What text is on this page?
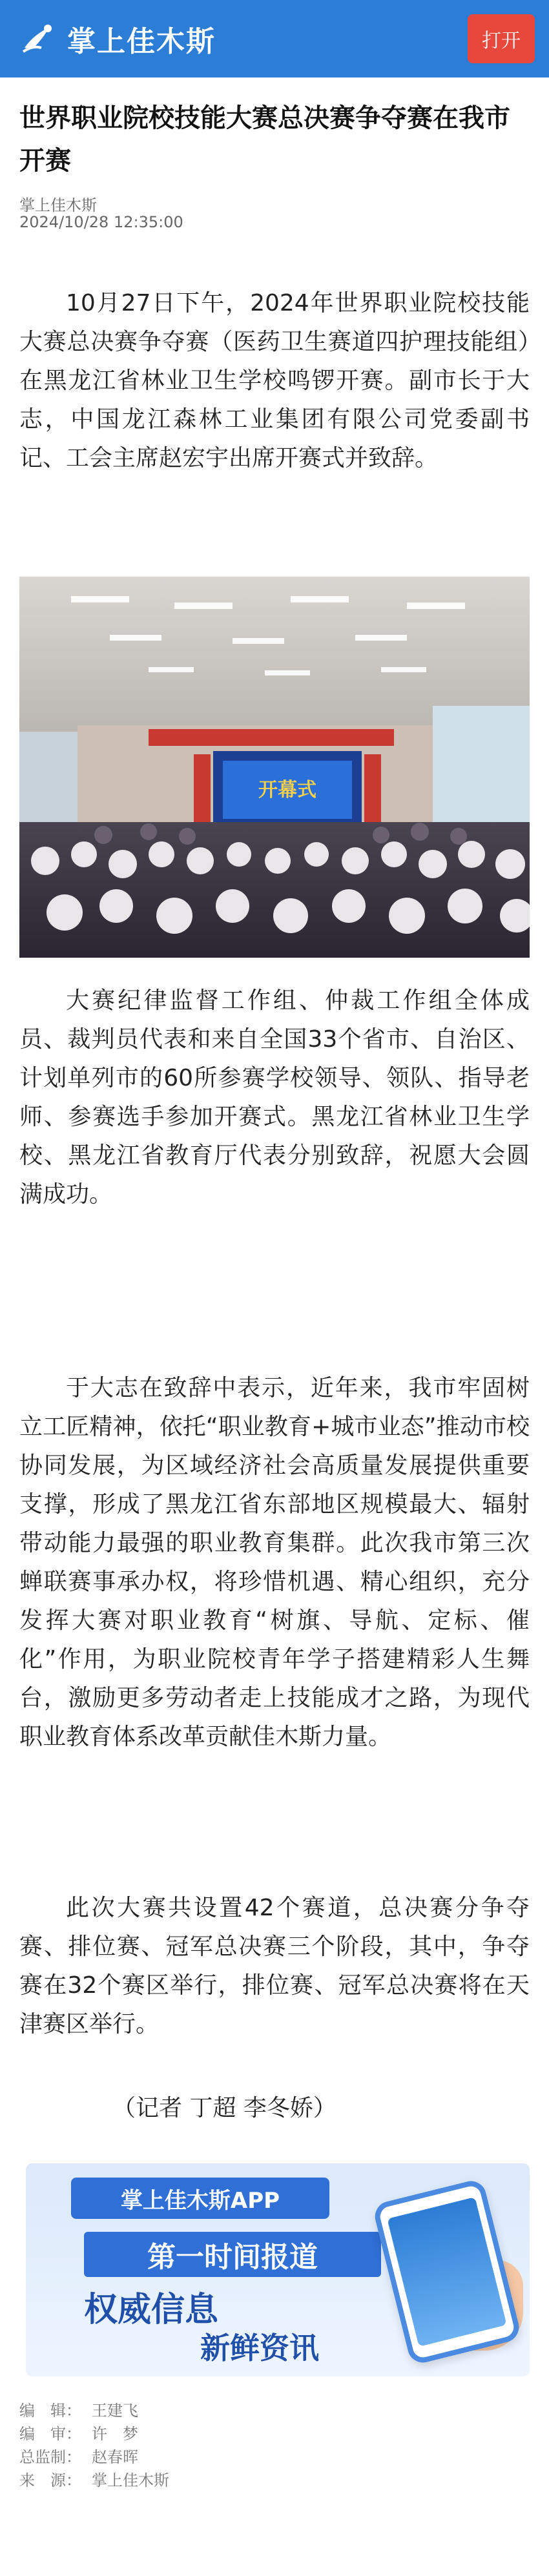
掌上佳木斯	打开
世界职业院校技能大赛总决赛争夺赛在我市开赛
掌上佳木斯
2024/10/28 12:35:00

10月27日下午，2024年世界职业院校技能大赛总决赛争夺赛（医药卫生赛道四护理技能组）在黑龙江省林业卫生学校鸣锣开赛。副市长于大志，中国龙江森林工业集团有限公司党委副书记、工会主席赵宏宇出席开赛式并致辞。

开幕式

大赛纪律监督工作组、仲裁工作组全体成员、裁判员代表和来自全国33个省市、自治区、计划单列市的60所参赛学校领导、领队、指导老师、参赛选手参加开赛式。黑龙江省林业卫生学校、黑龙江省教育厅代表分别致辞，祝愿大会圆满成功。

于大志在致辞中表示，近年来，我市牢固树立工匠精神，依托“职业教育+城市业态”推动市校协同发展，为区域经济社会高质量发展提供重要支撑，形成了黑龙江省东部地区规模最大、辐射带动能力最强的职业教育集群。此次我市第三次蝉联赛事承办权，将珍惜机遇、精心组织，充分发挥大赛对职业教育“树旗、导航、定标、催化”作用，为职业院校青年学子搭建精彩人生舞台，激励更多劳动者走上技能成才之路，为现代职业教育体系改革贡献佳木斯力量。

此次大赛共设置42个赛道，总决赛分争夺赛、排位赛、冠军总决赛三个阶段，其中，争夺赛在32个赛区举行，排位赛、冠军总决赛将在天津赛区举行。

（记者 丁超 李冬娇）
掌上佳木斯APP
第一时间报道
权威信息
新鲜资讯
编　辑： 王建飞
编　审： 许　梦
总监制： 赵春晖
来　源： 掌上佳木斯
